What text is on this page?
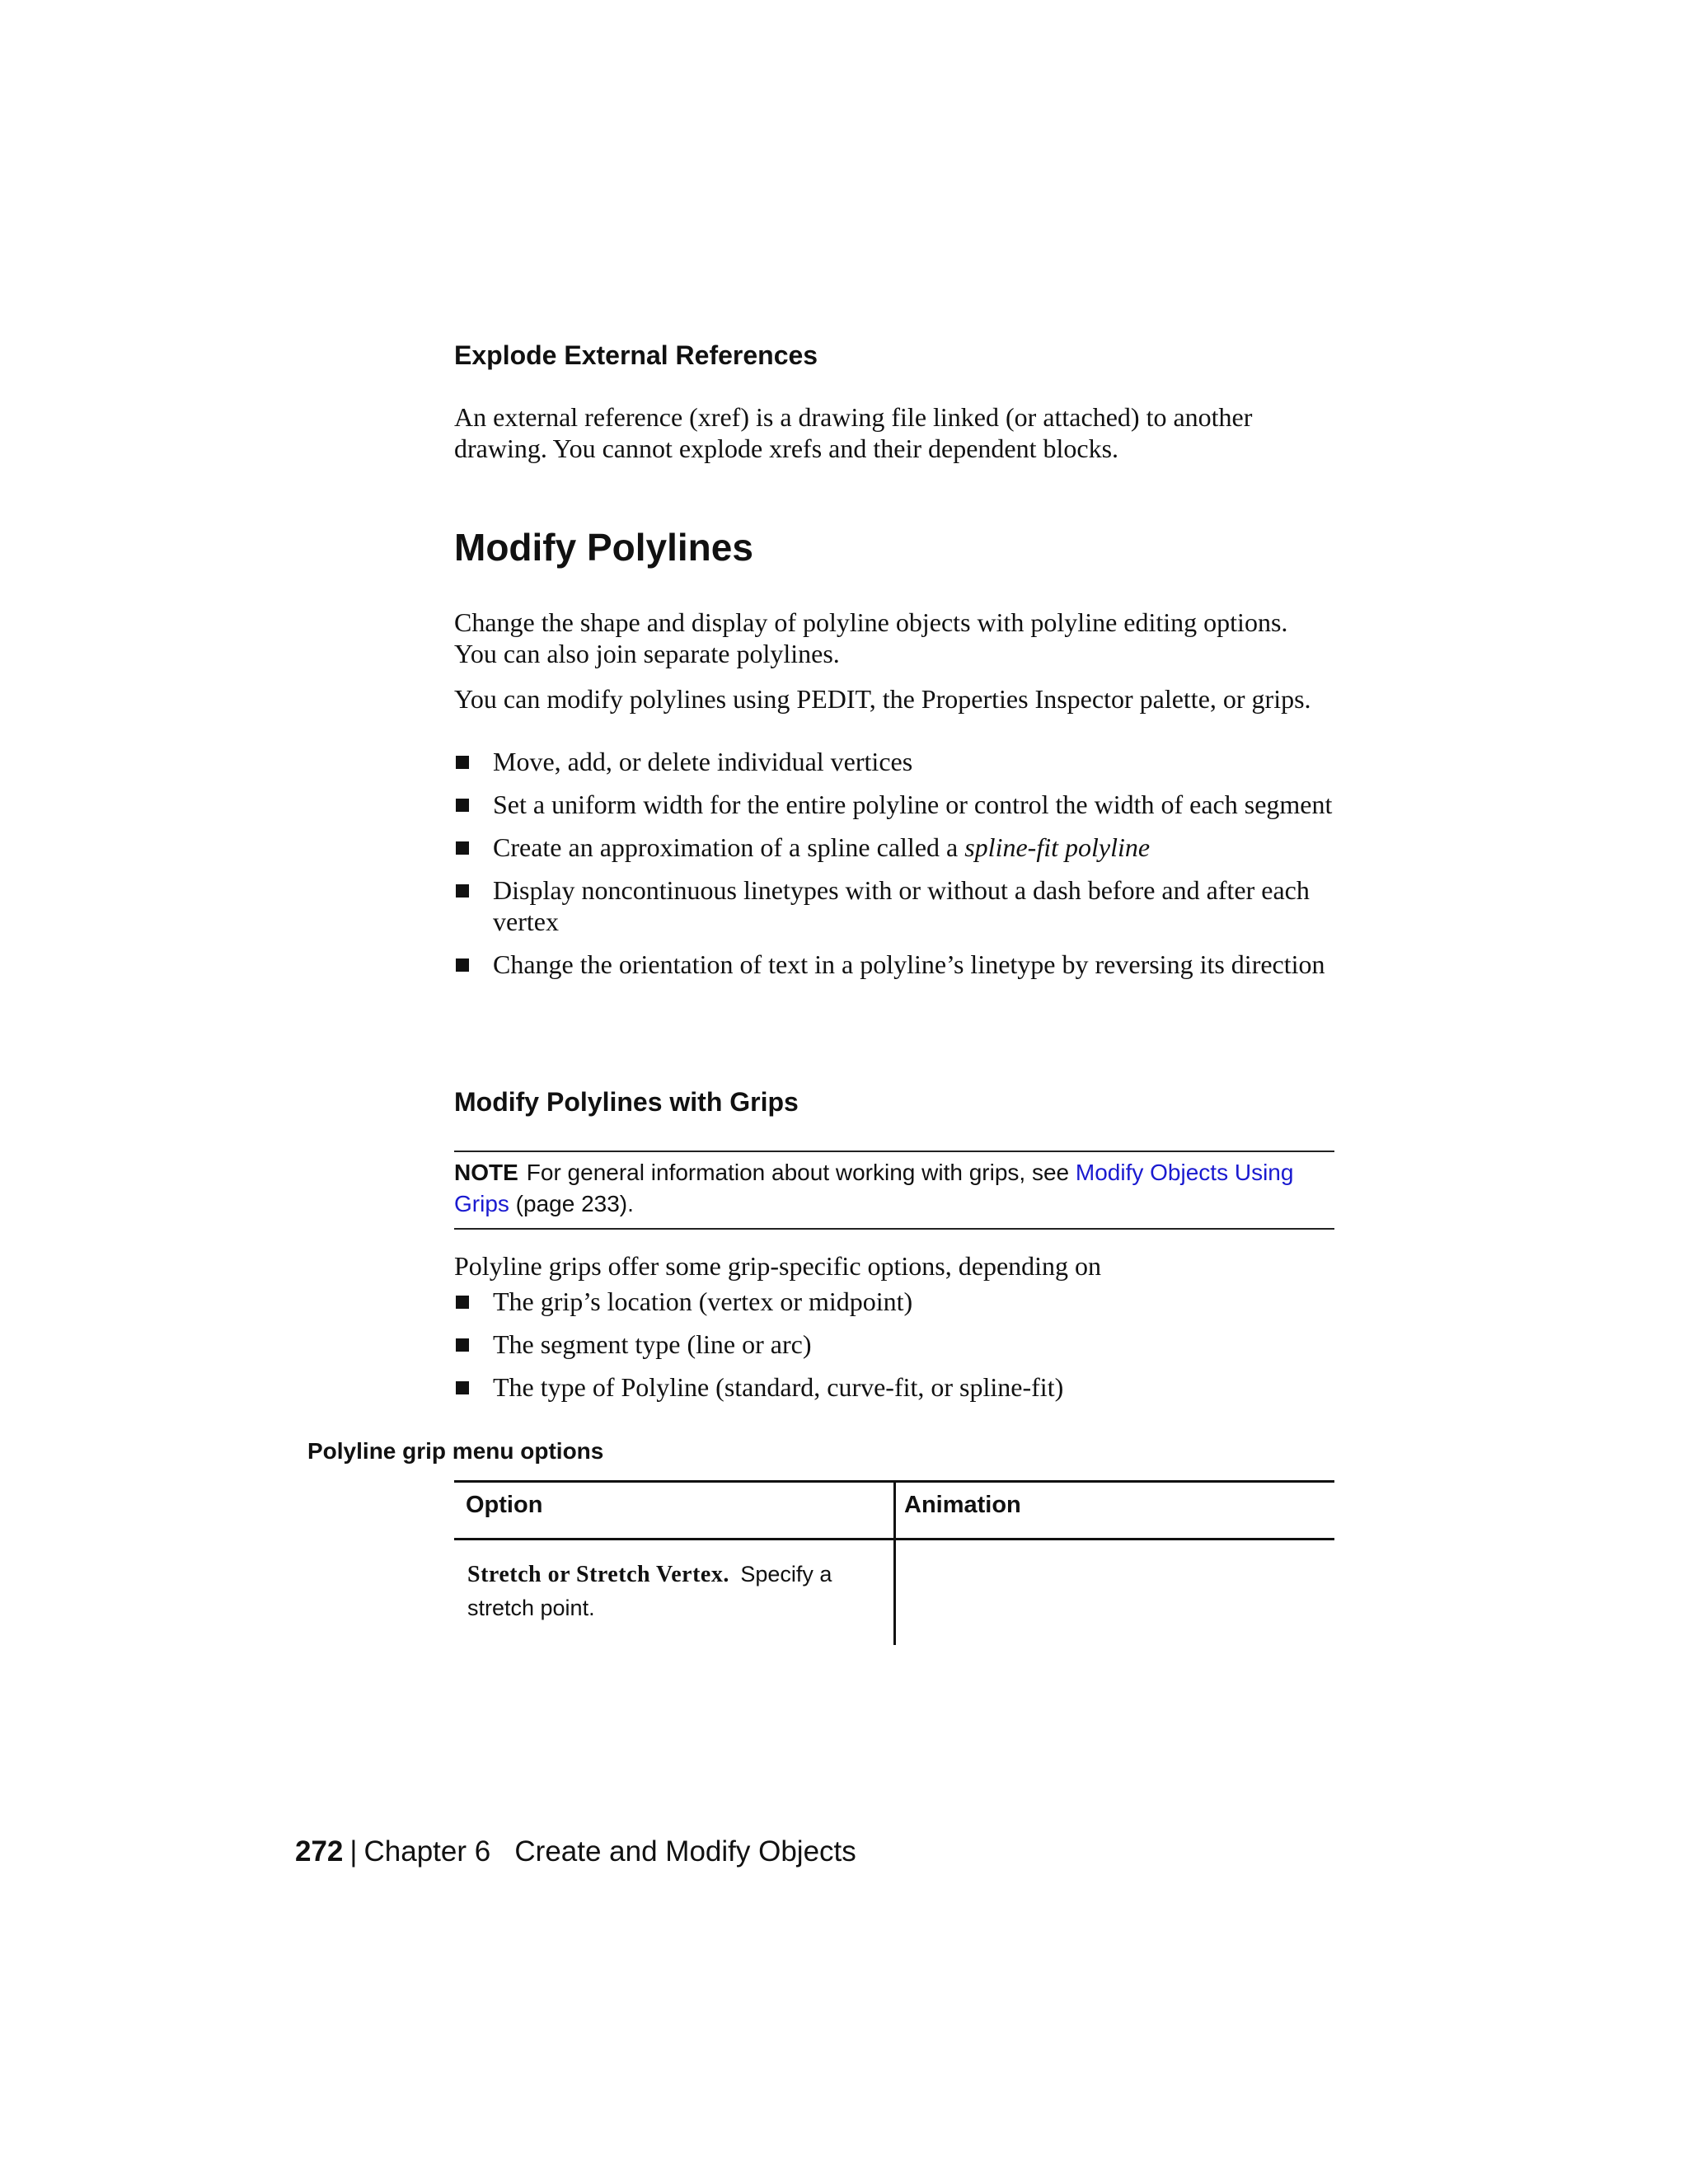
Explode External References

An external reference (xref) is a drawing file linked (or attached) to another drawing. You cannot explode xrefs and their dependent blocks.

Modify Polylines

Change the shape and display of polyline objects with polyline editing options. You can also join separate polylines.

You can modify polylines using PEDIT, the Properties Inspector palette, or grips.

Move, add, or delete individual vertices
Set a uniform width for the entire polyline or control the width of each segment
Create an approximation of a spline called a spline-fit polyline
Display noncontinuous linetypes with or without a dash before and after each vertex
Change the orientation of text in a polyline’s linetype by reversing its direction
Modify Polylines with Grips
NOTE For general information about working with grips, see Modify Objects Using Grips (page 233).

Polyline grips offer some grip-specific options, depending on

The grip’s location (vertex or midpoint)
The segment type (line or arc)
The type of Polyline (standard, curve-fit, or spline-fit)

Polyline grip menu options

Option	Animation
Stretch or Stretch Vertex. Specify a stretch point.
272 | Chapter 6 Create and Modify Objects
